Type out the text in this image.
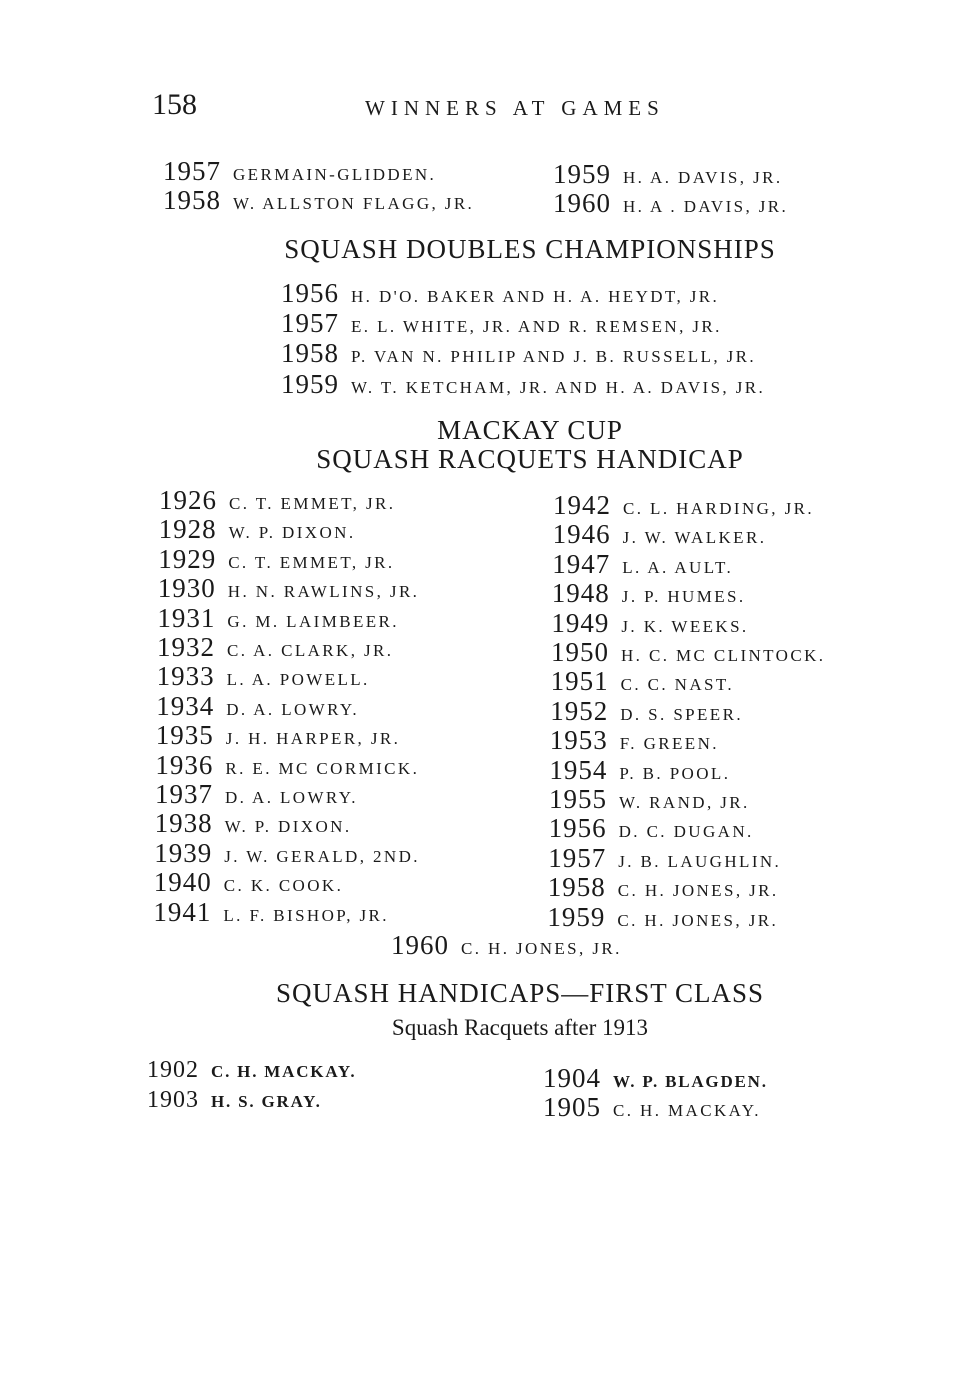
158	WINNERS AT GAMES
1957 GERMAIN-GLIDDEN.
1958 W. ALLSTON FLAGG, JR.
1959 H. A. DAVIS, JR.
1960 H. A . DAVIS, JR.
SQUASH DOUBLES CHAMPIONSHIPS
1956 H. D'O. BAKER AND H. A. HEYDT, JR.
1957 E. L. WHITE, JR. AND R. REMSEN, JR.
1958 P. VAN N. PHILIP AND J. B. RUSSELL, JR.
1959 W. T. KETCHAM, JR. AND H. A. DAVIS, JR.
MACKAY CUP
SQUASH RACQUETS HANDICAP
1926 C. T. EMMET, JR.
1928 W. P. DIXON.
1929 C. T. EMMET, JR.
1930 H. N. RAWLINS, JR.
1931 G. M. LAIMBEER.
1932 C. A. CLARK, JR.
1933 L. A. POWELL.
1934 D. A. LOWRY.
1935 J. H. HARPER, JR.
1936 R. E. MC CORMICK.
1937 D. A. LOWRY.
1938 W. P. DIXON.
1939 J. W. GERALD, 2ND.
1940 C. K. COOK.
1941 L. F. BISHOP, JR.
1942 C. L. HARDING, JR.
1946 J. W. WALKER.
1947 L. A. AULT.
1948 J. P. HUMES.
1949 J. K. WEEKS.
1950 H. C. MC CLINTOCK.
1951 C. C. NAST.
1952 D. S. SPEER.
1953 F. GREEN.
1954 P. B. POOL.
1955 W. RAND, JR.
1956 D. C. DUGAN.
1957 J. B. LAUGHLIN.
1958 C. H. JONES, JR.
1959 C. H. JONES, JR.
1960 C. H. JONES, JR.
SQUASH HANDICAPS—FIRST CLASS
Squash Racquets after 1913
1902 C. H. MACKAY.
1903 H. S. GRAY.
1904 W. P. BLAGDEN.
1905 C. H. MACKAY.
